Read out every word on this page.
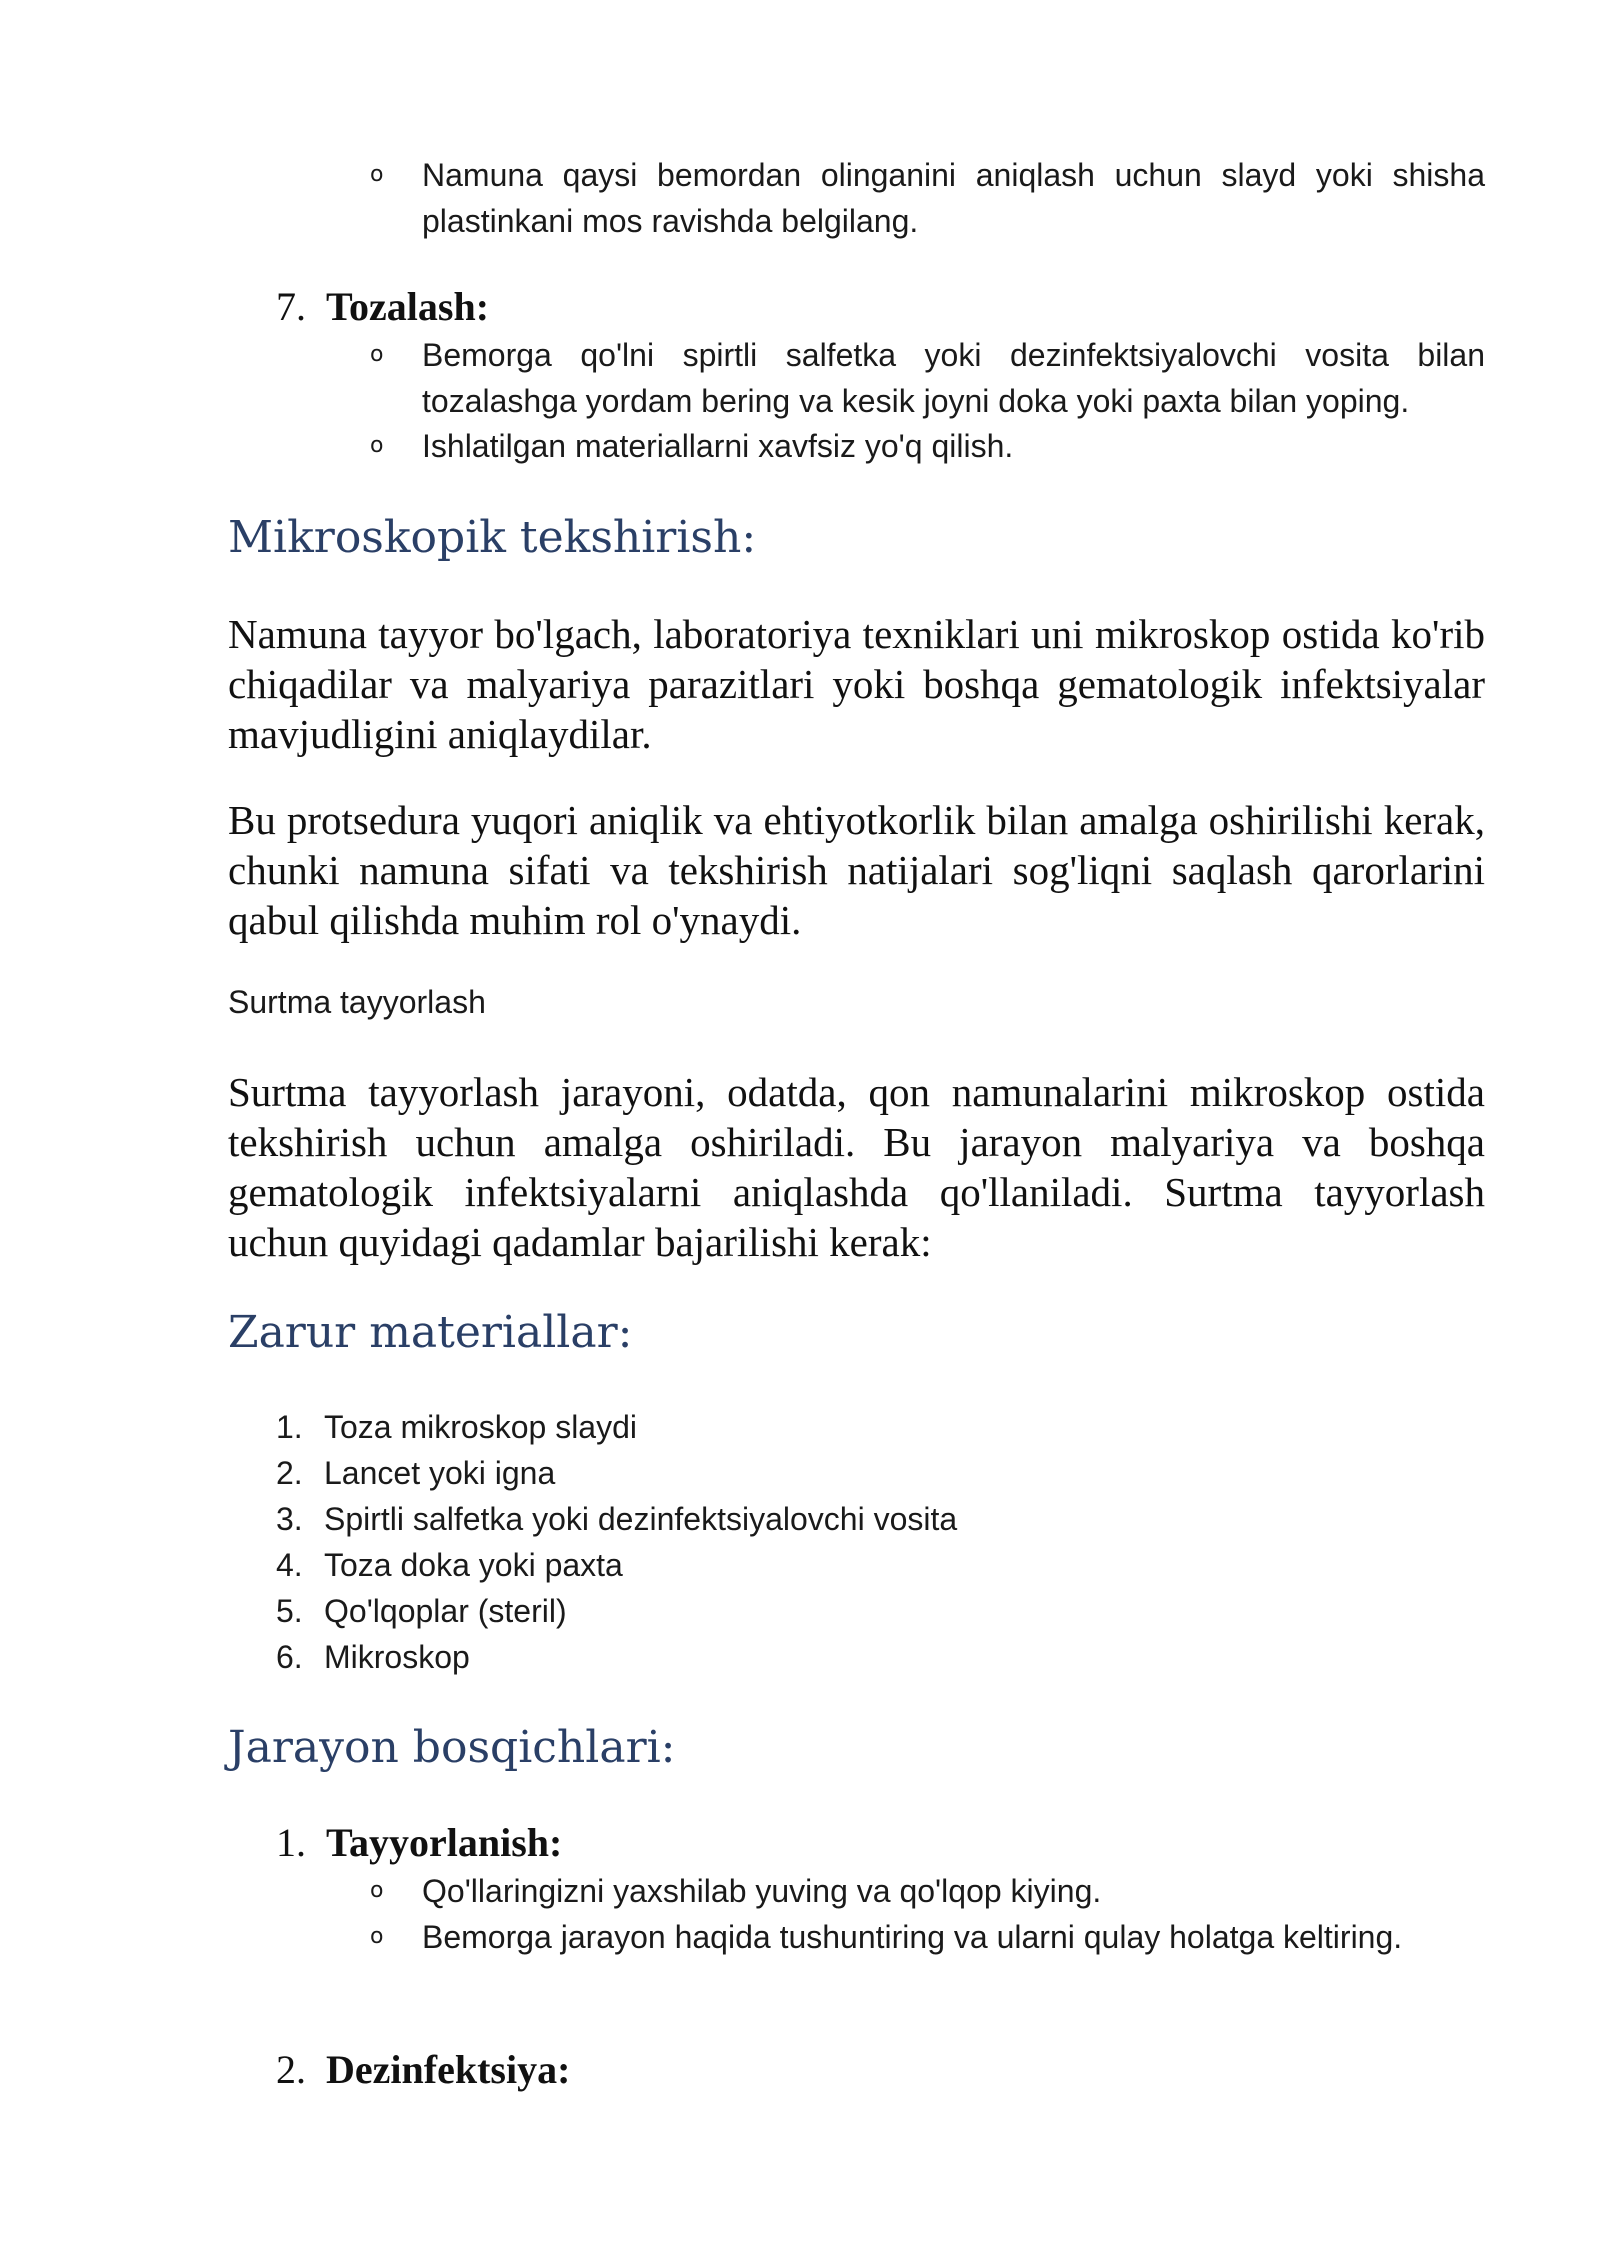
o Namuna qaysi bemordan olinganini aniqlash uchun slayd yoki shisha plastinkani mos ravishda belgilang.
7. Tozalash:
o Bemorga qo'lni spirtli salfetka yoki dezinfektsiyalovchi vosita bilan tozalashga yordam bering va kesik joyni doka yoki paxta bilan yoping.
o Ishlatilgan materiallarni xavfsiz yo'q qilish.
Mikroskopik tekshirish:

Namuna tayyor bo'lgach, laboratoriya texniklari uni mikroskop ostida ko'rib chiqadilar va malyariya parazitlari yoki boshqa gematologik infektsiyalar mavjudligini aniqlaydilar.

Bu protsedura yuqori aniqlik va ehtiyotkorlik bilan amalga oshirilishi kerak, chunki namuna sifati va tekshirish natijalari sog'liqni saqlash qarorlarini qabul qilishda muhim rol o'ynaydi.

Surtma tayyorlash

Surtma tayyorlash jarayoni, odatda, qon namunalarini mikroskop ostida tekshirish uchun amalga oshiriladi. Bu jarayon malyariya va boshqa gematologik infektsiyalarni aniqlashda qo'llaniladi. Surtma tayyorlash uchun quyidagi qadamlar bajarilishi kerak:

Zarur materiallar:
1. Toza mikroskop slaydi
2. Lancet yoki igna
3. Spirtli salfetka yoki dezinfektsiyalovchi vosita
4. Toza doka yoki paxta
5. Qo'lqoplar (steril)
6. Mikroskop
Jarayon bosqichlari:
1. Tayyorlanish:
o Qo'llaringizni yaxshilab yuving va qo'lqop kiying.
o Bemorga jarayon haqida tushuntiring va ularni qulay holatga keltiring.
2. Dezinfektsiya:
